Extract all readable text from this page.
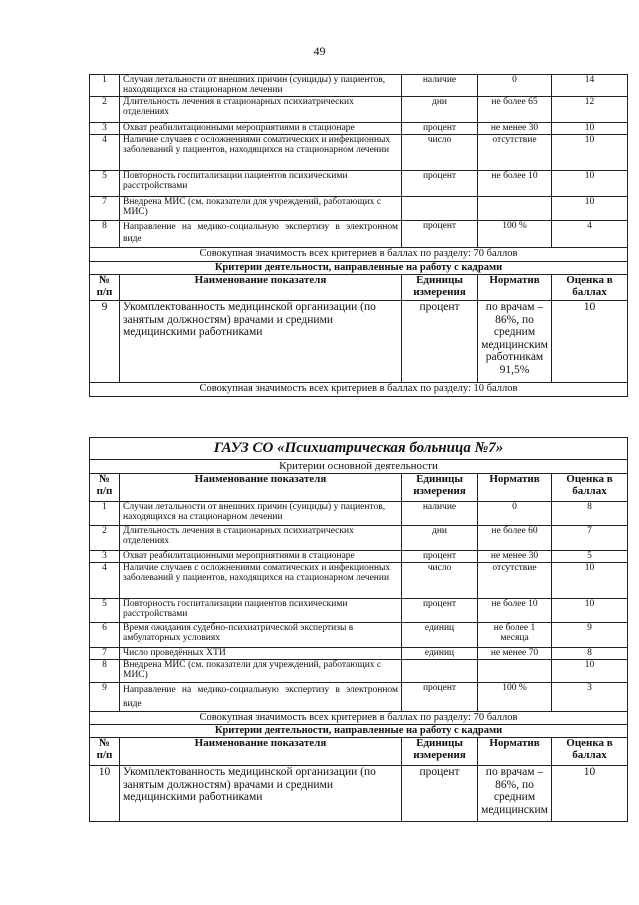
49
1	Случаи летальности от внешних причин (суициды) у пациентов, находящихся на стационарном лечении	наличие	0	14
2	Длительность лечения в стационарных психиатрических отделениях	дни	не более 65	12
3	Охват реабилитационными мероприятиями в стационаре	процент	не менее 30	10
4	Наличие случаев с осложнениями соматических и инфекционных заболеваний у пациентов, находящихся на стационарном лечении	число	отсутствие	10
5	Повторность госпитализации пациентов психическими расстройствами	процент	не более 10	10
7	Внедрена МИС (см. показатели для учреждений, работающих с МИС)			10
8	Направление на медико-социальную экспертизу в электронном виде	процент	100 %	4
Совокупная значимость всех критериев в баллах по разделу: 70 баллов				
Критерии деятельности, направленные на работу с кадрами				
№ п/п	Наименование показателя	Единицы измерения	Норматив	Оценка в баллах
9	Укомплектованность медицинской организации (по занятым должностям) врачами и средними медицинскими работниками	процент	по врачам – 86%, по средним медицинским работникам 91,5%	10
Совокупная значимость всех критериев в баллах по разделу: 10 баллов				
ГАУЗ СО «Психиатрическая больница №7»				
Критерии основной деятельности				
№ п/п	Наименование показателя	Единицы измерения	Норматив	Оценка в баллах
1	Случаи летальности от внешних причин (суициды) у пациентов, находящихся на стационарном лечении	наличие	0	8
2	Длительность лечения в стационарных психиатрических отделениях	дни	не более 60	7
3	Охват реабилитационными мероприятиями в стационаре	процент	не менее 30	5
4	Наличие случаев с осложнениями соматических и инфекционных заболеваний у пациентов, находящихся на стационарном лечении	число	отсутствие	10
5	Повторность госпитализации пациентов психическими расстройствами	процент	не более 10	10
6	Время ожидания судебно-психиатрической экспертизы в амбулаторных условиях	единиц	не более 1 месяца	9
7	Число проведённых ХТИ	единиц	не менее 70	8
8	Внедрена МИС (см. показатели для учреждений, работающих с МИС)			10
9	Направление на медико-социальную экспертизу в электронном виде	процент	100 %	3
Совокупная значимость всех критериев в баллах по разделу: 70 баллов				
Критерии деятельности, направленные на работу с кадрами				
№ п/п	Наименование показателя	Единицы измерения	Норматив	Оценка в баллах
10	Укомплектованность медицинской организации (по занятым должностям) врачами и средними медицинскими работниками	процент	по врачам – 86%, по средним медицинским	10
